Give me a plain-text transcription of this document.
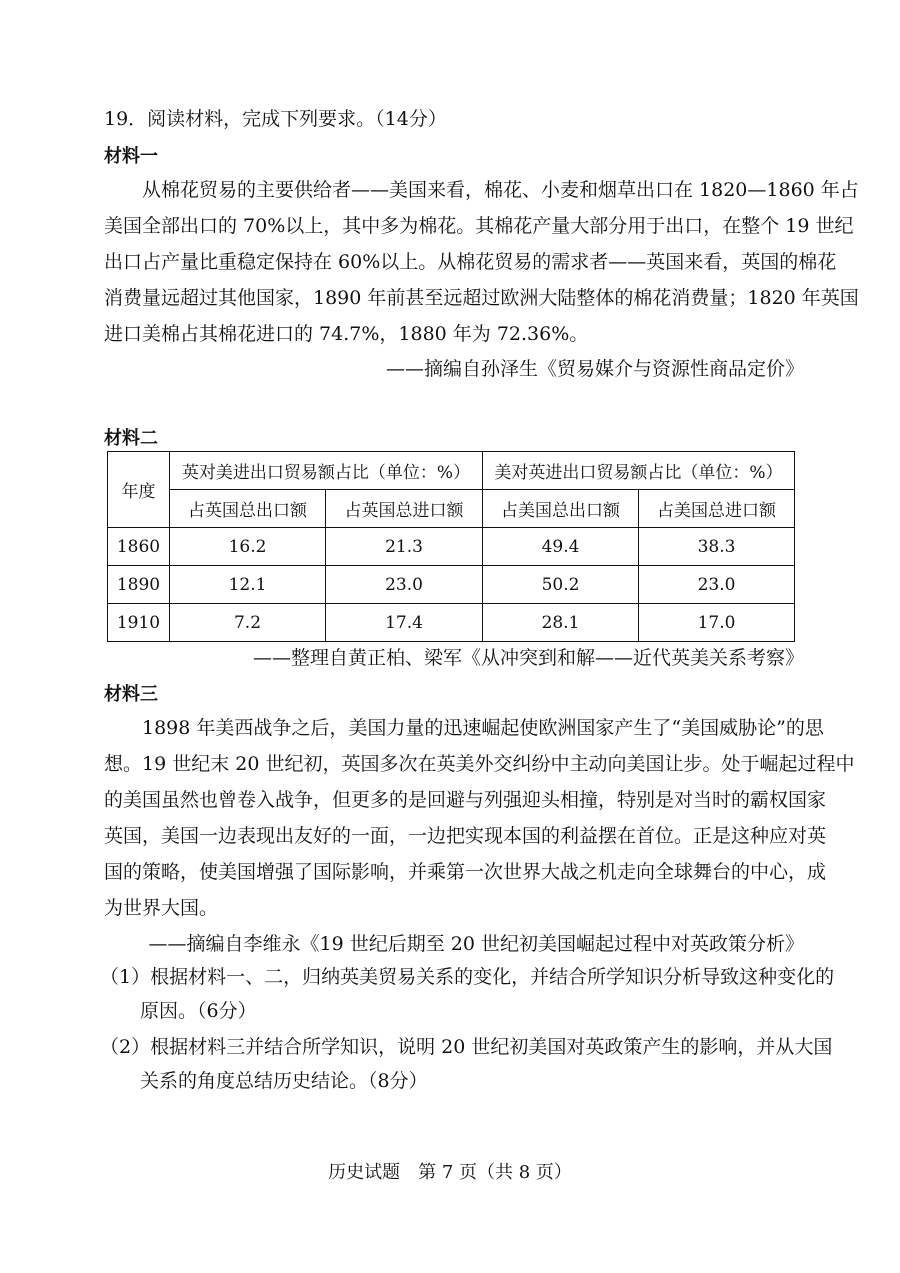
19．阅读材料，完成下列要求。（14分）
材料一
　　从棉花贸易的主要供给者——美国来看，棉花、小麦和烟草出口在 1820—1860 年占
美国全部出口的 70%以上，其中多为棉花。其棉花产量大部分用于出口，在整个 19 世纪
出口占产量比重稳定保持在 60%以上。从棉花贸易的需求者——英国来看，英国的棉花
消费量远超过其他国家，1890 年前甚至远超过欧洲大陆整体的棉花消费量；1820 年英国
进口美棉占其棉花进口的 74.7%，1880 年为 72.36%。
——摘编自孙泽生《贸易媒介与资源性商品定价》
材料二
年度	英对美进出口贸易额占比（单位：%）		美对英进出口贸易额占比（单位：%）	
	占英国总出口额	占英国总进口额	占美国总出口额	占美国总进口额
1860	16.2	21.3	49.4	38.3
1890	12.1	23.0	50.2	23.0
1910	7.2	17.4	28.1	17.0
——整理自黄正柏、梁军《从冲突到和解——近代英美关系考察》
材料三
　　1898 年美西战争之后，美国力量的迅速崛起使欧洲国家产生了“美国威胁论”的思
想。19 世纪末 20 世纪初，英国多次在英美外交纠纷中主动向美国让步。处于崛起过程中
的美国虽然也曾卷入战争，但更多的是回避与列强迎头相撞，特别是对当时的霸权国家
英国，美国一边表现出友好的一面，一边把实现本国的利益摆在首位。正是这种应对英
国的策略，使美国增强了国际影响，并乘第一次世界大战之机走向全球舞台的中心，成
为世界大国。
——摘编自李维永《19 世纪后期至 20 世纪初美国崛起过程中对英政策分析》
（1）根据材料一、二，归纳英美贸易关系的变化，并结合所学知识分析导致这种变化的
原因。（6分）
（2）根据材料三并结合所学知识，说明 20 世纪初美国对英政策产生的影响，并从大国
关系的角度总结历史结论。（8分）
历史试题　第 7 页（共 8 页）
